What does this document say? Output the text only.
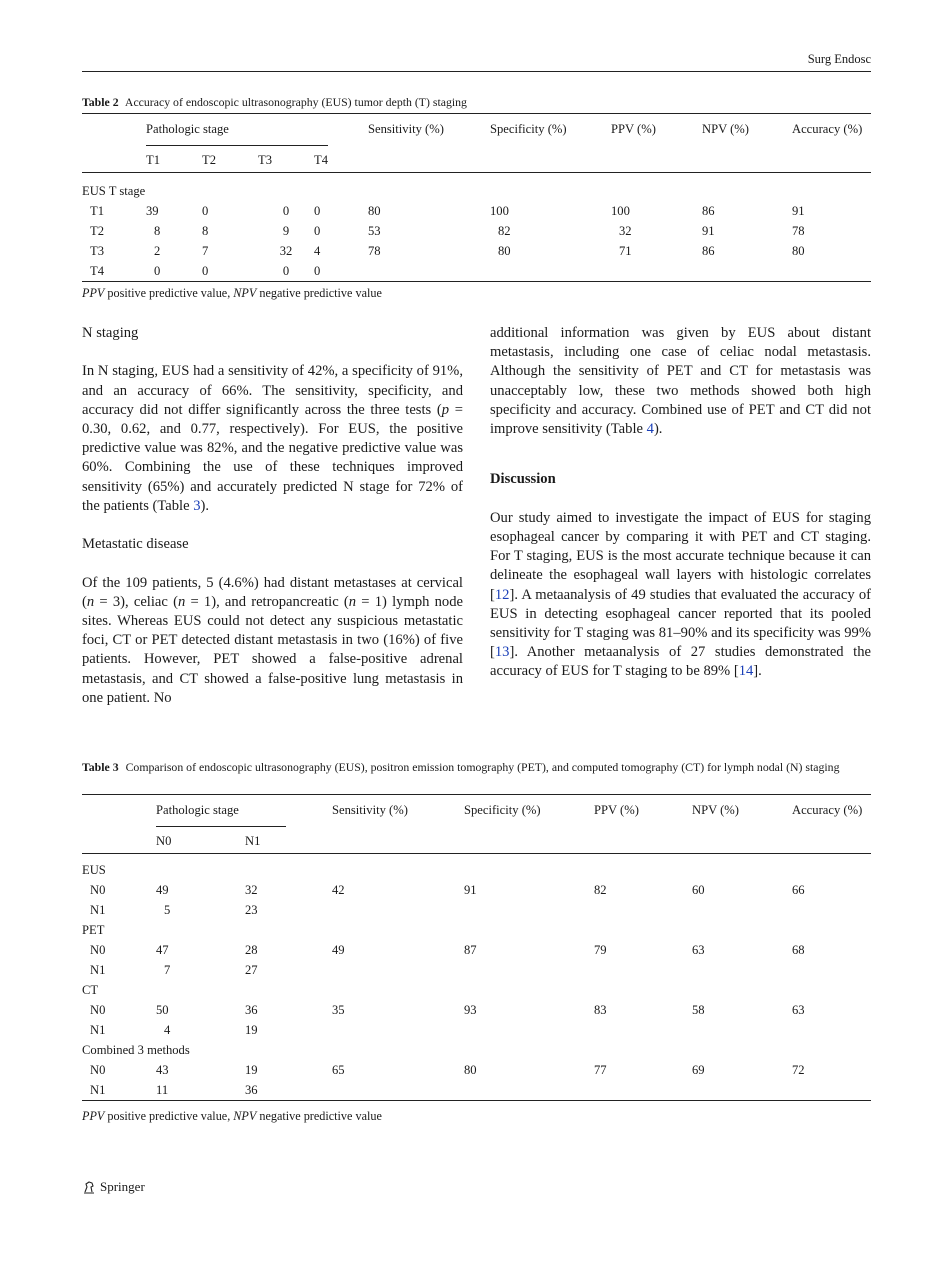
Surg Endosc
Table 2 Accuracy of endoscopic ultrasonography (EUS) tumor depth (T) staging

	Pathologic stage				Sensitivity (%)	Specificity (%)	PPV (%)	NPV (%)	Accuracy (%)
	T1	T2	T3	T4					
EUS T stage									
T1	39	0	0	0	80	100	100	86	91
T2	8	8	9	0	53	82	32	91	78
T3	2	7	32	4	78	80	71	86	80
T4	0	0	0	0					
PPV positive predictive value, NPV negative predictive value

N staging

In N staging, EUS had a sensitivity of 42%, a specificity of 91%, and an accuracy of 66%. The sensitivity, specificity, and accuracy did not differ significantly across the three tests (p = 0.30, 0.62, and 0.77, respectively). For EUS, the positive predictive value was 82%, and the negative predictive value was 60%. Combining the use of these techniques improved sensitivity (65%) and accurately predicted N stage for 72% of the patients (Table 3).

Metastatic disease

Of the 109 patients, 5 (4.6%) had distant metastases at cervical (n = 3), celiac (n = 1), and retropancreatic (n = 1) lymph node sites. Whereas EUS could not detect any suspicious metastatic foci, CT or PET detected distant metastasis in two (16%) of five patients. However, PET showed a false-positive adrenal metastasis, and CT showed a false-positive lung metastasis in one patient. No

additional information was given by EUS about distant metastasis, including one case of celiac nodal metastasis. Although the sensitivity of PET and CT for metastasis was unacceptably low, these two methods showed both high specificity and accuracy. Combined use of PET and CT did not improve sensitivity (Table 4).

Discussion

Our study aimed to investigate the impact of EUS for staging esophageal cancer by comparing it with PET and CT staging. For T staging, EUS is the most accurate technique because it can delineate the esophageal wall layers with histologic correlates [12]. A metaanalysis of 49 studies that evaluated the accuracy of EUS in detecting esophageal cancer reported that its pooled sensitivity for T staging was 81–90% and its specificity was 99% [13]. Another metaanalysis of 27 studies demonstrated the accuracy of EUS for T staging to be 89% [14].

Table 3 Comparison of endoscopic ultrasonography (EUS), positron emission tomography (PET), and computed tomography (CT) for lymph nodal (N) staging

	Pathologic stage		Sensitivity (%)	Specificity (%)	PPV (%)	NPV (%)	Accuracy (%)
	N0	N1					
EUS							
N0	49	32	42	91	82	60	66
N1	5	23					
PET							
N0	47	28	49	87	79	63	68
N1	7	27					
CT							
N0	50	36	35	93	83	58	63
N1	4	19					
Combined 3 methods							
N0	43	19	65	80	77	69	72
N1	11	36					
PPV positive predictive value, NPV negative predictive value
Springer
